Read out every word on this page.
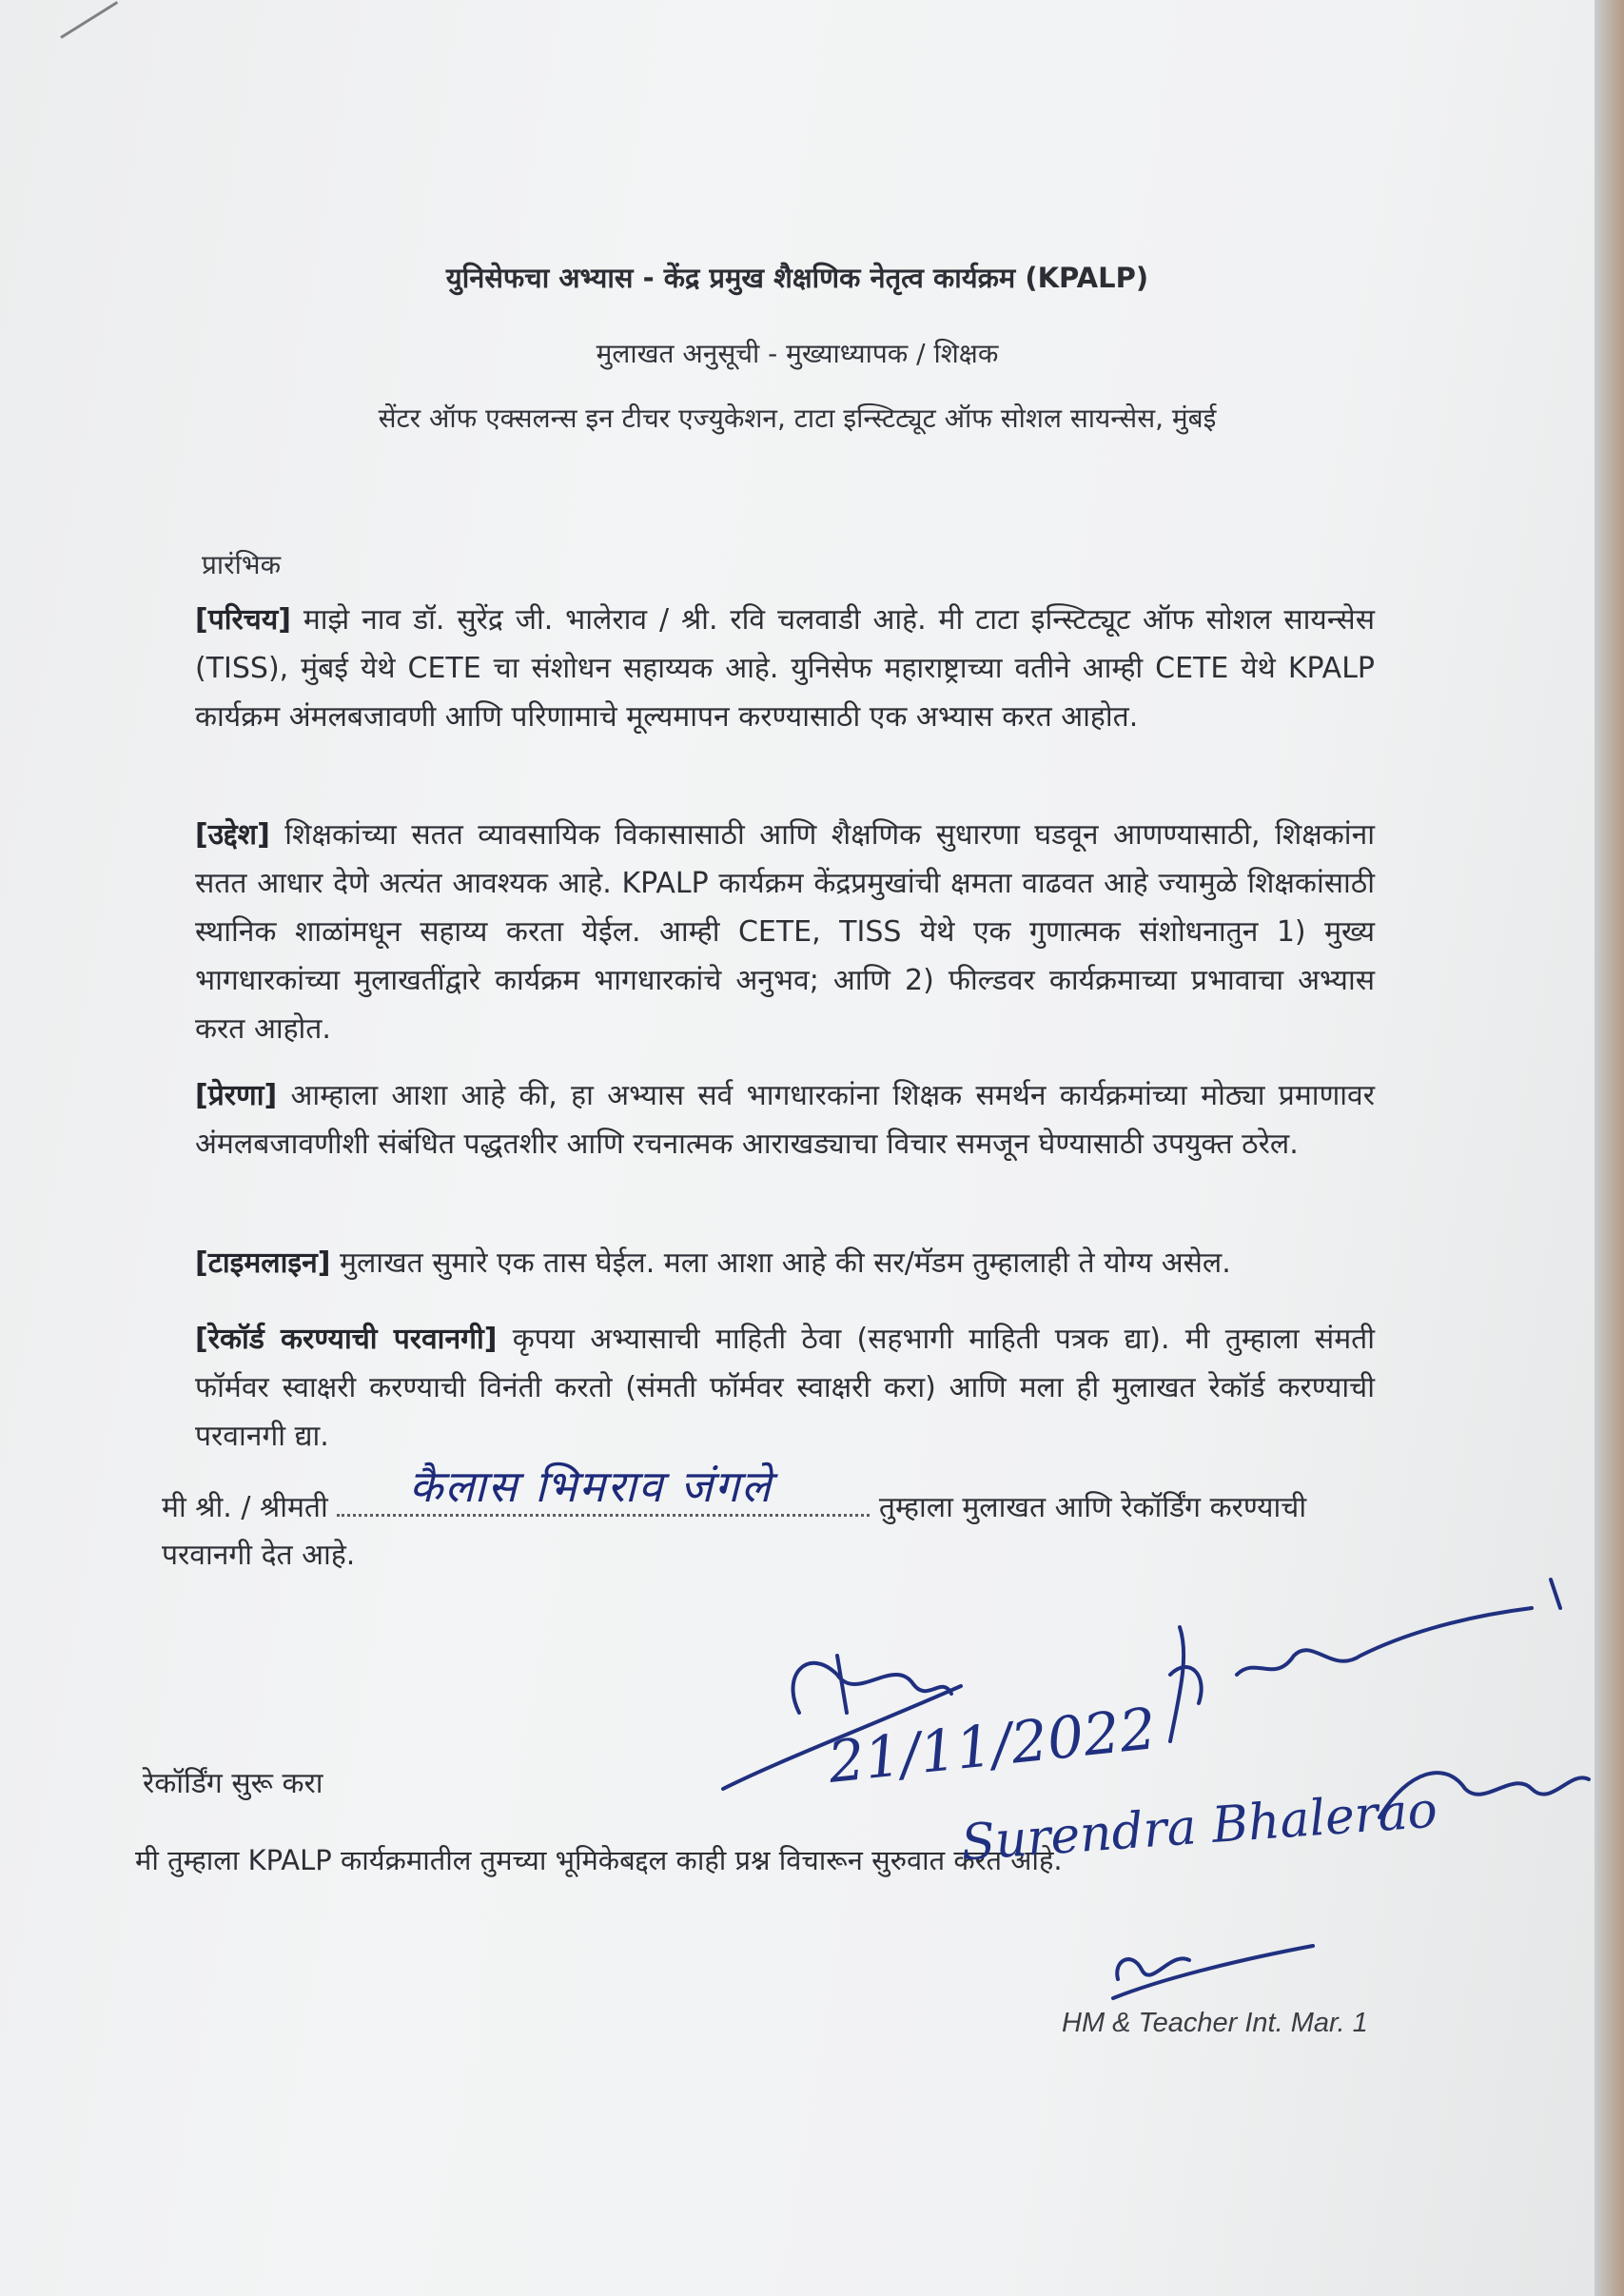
युनिसेफचा अभ्यास - केंद्र प्रमुख शैक्षणिक नेतृत्व कार्यक्रम (KPALP)
मुलाखत अनुसूची - मुख्याध्यापक / शिक्षक
सेंटर ऑफ एक्सलन्स इन टीचर एज्युकेशन, टाटा इन्स्टिट्यूट ऑफ सोशल सायन्सेस, मुंबई
प्रारंभिक
[परिचय] माझे नाव डॉ. सुरेंद्र जी. भालेराव / श्री. रवि चलवाडी आहे. मी टाटा इन्स्टिट्यूट ऑफ सोशल सायन्सेस (TISS), मुंबई येथे CETE चा संशोधन सहाय्यक आहे. युनिसेफ महाराष्ट्राच्या वतीने आम्ही CETE येथे KPALP कार्यक्रम अंमलबजावणी आणि परिणामाचे मूल्यमापन करण्यासाठी एक अभ्यास करत आहोत.
[उद्देश] शिक्षकांच्या सतत व्यावसायिक विकासासाठी आणि शैक्षणिक सुधारणा घडवून आणण्यासाठी, शिक्षकांना सतत आधार देणे अत्यंत आवश्यक आहे. KPALP कार्यक्रम केंद्रप्रमुखांची क्षमता वाढवत आहे ज्यामुळे शिक्षकांसाठी स्थानिक शाळांमधून सहाय्य करता येईल. आम्ही CETE, TISS येथे एक गुणात्मक संशोधनातुन 1) मुख्य भागधारकांच्या मुलाखतींद्वारे कार्यक्रम भागधारकांचे अनुभव; आणि 2) फील्डवर कार्यक्रमाच्या प्रभावाचा अभ्यास करत आहोत.
[प्रेरणा] आम्हाला आशा आहे की, हा अभ्यास सर्व भागधारकांना शिक्षक समर्थन कार्यक्रमांच्या मोठ्या प्रमाणावर अंमलबजावणीशी संबंधित पद्धतशीर आणि रचनात्मक आराखड्याचा विचार समजून घेण्यासाठी उपयुक्त ठरेल.
[टाइमलाइन] मुलाखत सुमारे एक तास घेईल. मला आशा आहे की सर/मॅडम तुम्हालाही ते योग्य असेल.
[रेकॉर्ड करण्याची परवानगी] कृपया अभ्यासाची माहिती ठेवा (सहभागी माहिती पत्रक द्या). मी तुम्हाला संमती फॉर्मवर स्वाक्षरी करण्याची विनंती करतो (संमती फॉर्मवर स्वाक्षरी करा) आणि मला ही मुलाखत रेकॉर्ड करण्याची परवानगी द्या.
मी श्री. / श्रीमती	तुम्हाला मुलाखत आणि रेकॉर्डिंग करण्याची परवानगी देत आहे.
कैलास भिमराव जंगले
रेकॉर्डिंग सुरू करा
मी तुम्हाला KPALP कार्यक्रमातील तुमच्या भूमिकेबद्दल काही प्रश्न विचारून सुरुवात करत आहे.
21/11/2022
Surendra Bhalerao
HM & Teacher Int. Mar. 1
